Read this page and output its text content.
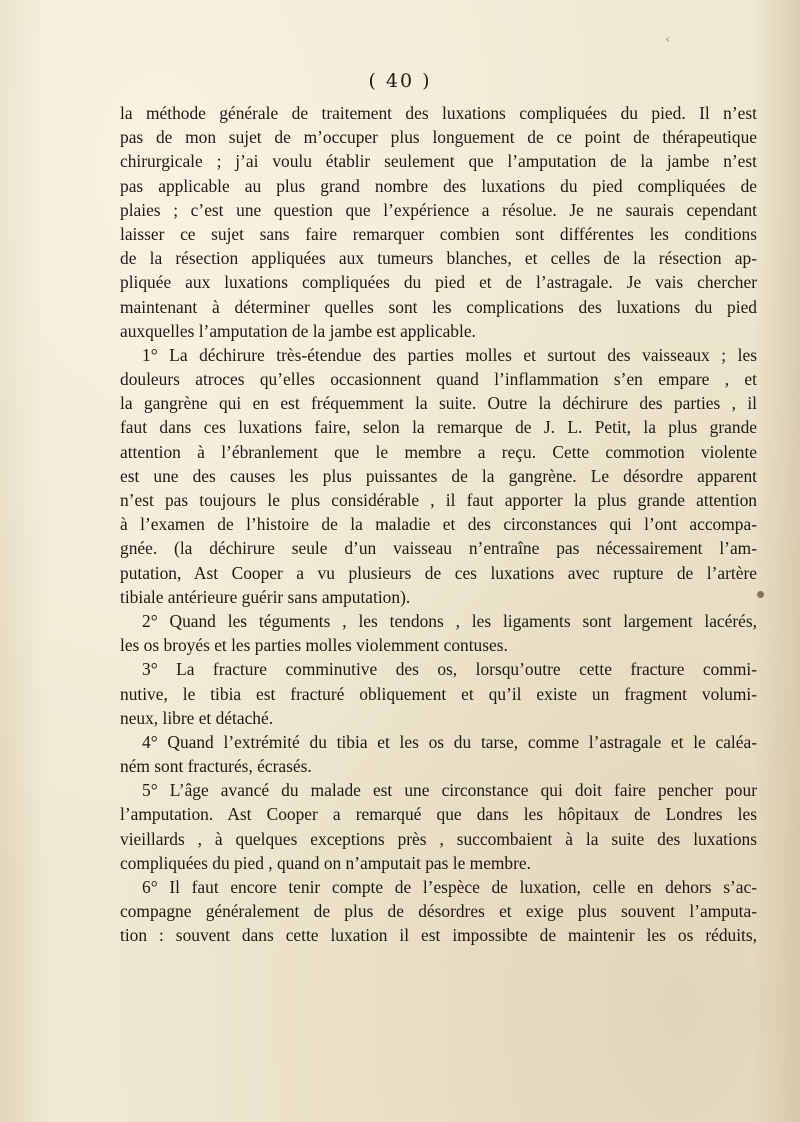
‹
( 40 )
la méthode générale de traitement des luxations compliquées du pied. Il n’est
pas de mon sujet de m’occuper plus longuement de ce point de thérapeutique
chirurgicale ; j’ai voulu établir seulement que l’amputation de la jambe n’est
pas applicable au plus grand nombre des luxations du pied compliquées de
plaies ; c’est une question que l’expérience a résolue. Je ne saurais cependant
laisser ce sujet sans faire remarquer combien sont différentes les conditions
de la résection appliquées aux tumeurs blanches, et celles de la résection ap-
pliquée aux luxations compliquées du pied et de l’astragale. Je vais chercher
maintenant à déterminer quelles sont les complications des luxations du pied
auxquelles l’amputation de la jambe est applicable.
1° La déchirure très-étendue des parties molles et surtout des vaisseaux ; les
douleurs atroces qu’elles occasionnent quand l’inflammation s’en empare , et
la gangrène qui en est fréquemment la suite. Outre la déchirure des parties , il
faut dans ces luxations faire, selon la remarque de J. L. Petit, la plus grande
attention à l’ébranlement que le membre a reçu. Cette commotion violente
est une des causes les plus puissantes de la gangrène. Le désordre apparent
n’est pas toujours le plus considérable , il faut apporter la plus grande attention
à l’examen de l’histoire de la maladie et des circonstances qui l’ont accompa-
gnée. (la déchirure seule d’un vaisseau n’entraîne pas nécessairement l’am-
putation, Ast Cooper a vu plusieurs de ces luxations avec rupture de l’artère
tibiale antérieure guérir sans amputation).
2° Quand les téguments , les tendons , les ligaments sont largement lacérés,
les os broyés et les parties molles violemment contuses.
3° La fracture comminutive des os, lorsqu’outre cette fracture commi-
nutive, le tibia est fracturé obliquement et qu’il existe un fragment volumi-
neux, libre et détaché.
4° Quand l’extrémité du tibia et les os du tarse, comme l’astragale et le caléa-
ném sont fracturés, écrasés.
5° L’âge avancé du malade est une circonstance qui doit faire pencher pour
l’amputation. Ast Cooper a remarqué que dans les hôpitaux de Londres les
vieillards , à quelques exceptions près , succombaient à la suite des luxations
compliquées du pied , quand on n’amputait pas le membre.
6° Il faut encore tenir compte de l’espèce de luxation, celle en dehors s’ac-
compagne généralement de plus de désordres et exige plus souvent l’amputa-
tion : souvent dans cette luxation il est impossibte de maintenir les os réduits,
